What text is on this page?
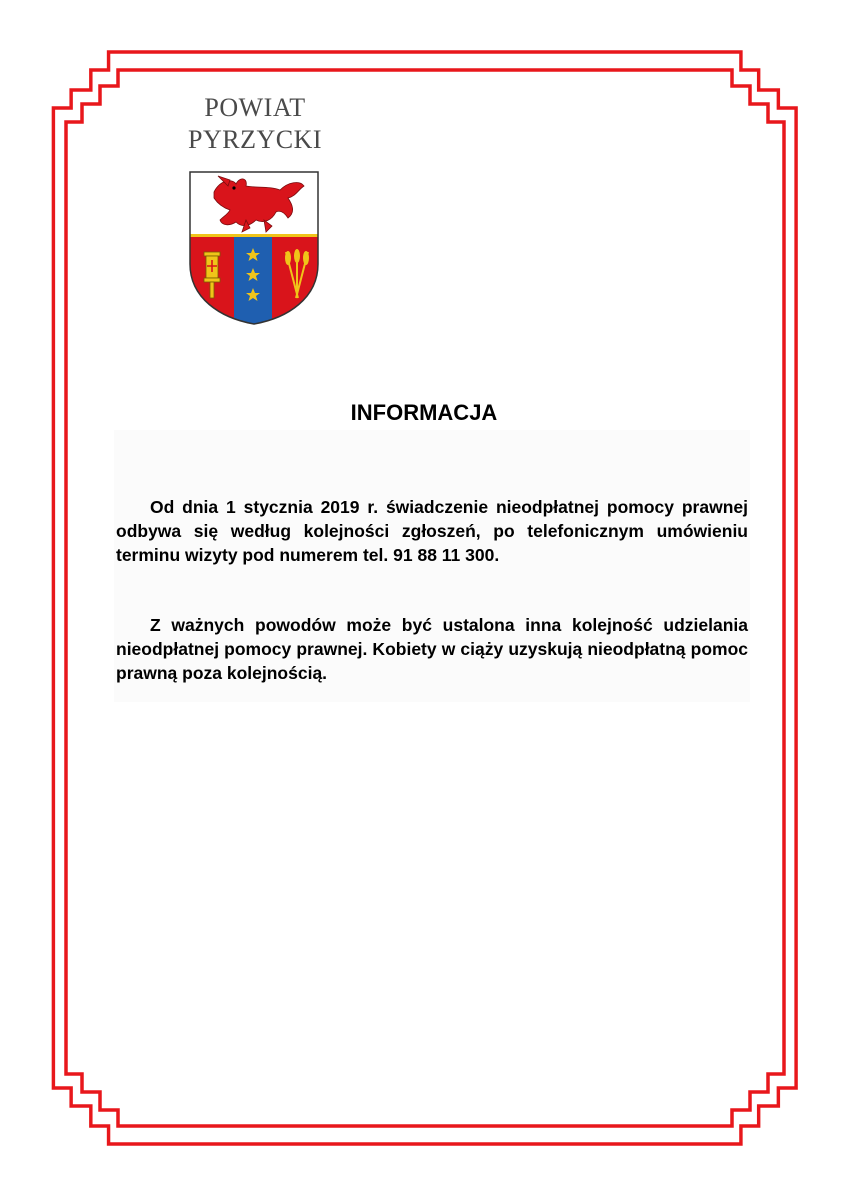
POWIAT
PYRZYCKI
INFORMACJA

Od dnia 1 stycznia 2019 r. świadczenie nieodpłatnej pomocy prawnej odbywa się według kolejności zgłoszeń, po telefonicznym umówieniu terminu wizyty pod numerem tel. 91 88 11 300.

Z ważnych powodów może być ustalona inna kolejność udzielania nieodpłatnej pomocy prawnej. Kobiety w ciąży uzyskują nieodpłatną pomoc prawną poza kolejnością.
